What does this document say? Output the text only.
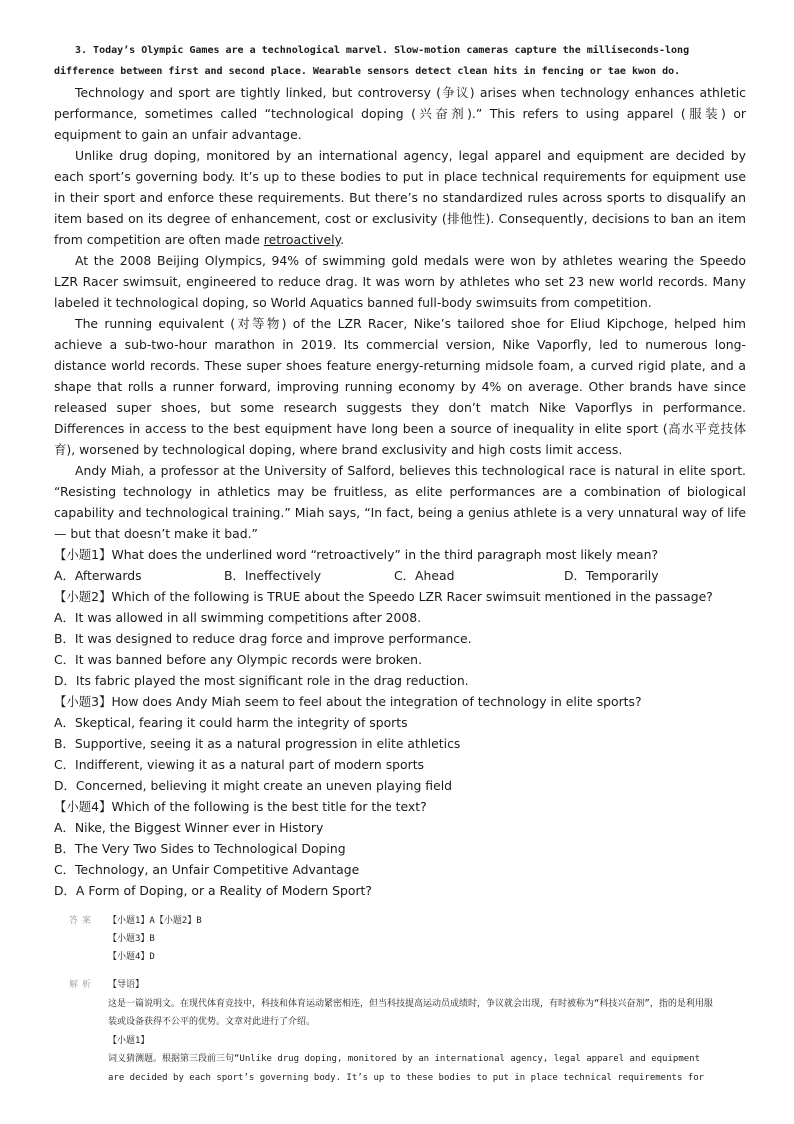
3. Today’s Olympic Games are a technological marvel. Slow-motion cameras capture the milliseconds-long
difference between first and second place. Wearable sensors detect clean hits in fencing or tae kwon do.

Technology and sport are tightly linked, but controversy (争议) arises when technology enhances athletic performance, sometimes called “technological doping (兴奋剂).” This refers to using apparel (服装) or equipment to gain an unfair advantage.

Unlike drug doping, monitored by an international agency, legal apparel and equipment are decided by each sport’s governing body. It’s up to these bodies to put in place technical requirements for equipment use in their sport and enforce these requirements. But there’s no standardized rules across sports to disqualify an item based on its degree of enhancement, cost or exclusivity (排他性). Consequently, decisions to ban an item from competition are often made retroactively.

At the 2008 Beijing Olympics, 94% of swimming gold medals were won by athletes wearing the Speedo LZR Racer swimsuit, engineered to reduce drag. It was worn by athletes who set 23 new world records. Many labeled it technological doping, so World Aquatics banned full-body swimsuits from competition.

The running equivalent (对等物) of the LZR Racer, Nike’s tailored shoe for Eliud Kipchoge, helped him achieve a sub-two-hour marathon in 2019. Its commercial version, Nike Vaporfly, led to numerous long-distance world records. These super shoes feature energy-returning midsole foam, a curved rigid plate, and a shape that rolls a runner forward, improving running economy by 4% on average. Other brands have since released super shoes, but some research suggests they don’t match Nike Vaporflys in performance. Differences in access to the best equipment have long been a source of inequality in elite sport (高水平竞技体育), worsened by technological doping, where brand exclusivity and high costs limit access.

Andy Miah, a professor at the University of Salford, believes this technological race is natural in elite sport. “Resisting technology in athletics may be fruitless, as elite performances are a combination of biological capability and technological training.” Miah says, “In fact, being a genius athlete is a very unnatural way of life — but that doesn’t make it bad.”

【小题1】What does the underlined word “retroactively” in the third paragraph most likely mean?
A．Afterwards	B．Ineffectively	C．Ahead	D．Temporarily
【小题2】Which of the following is TRUE about the Speedo LZR Racer swimsuit mentioned in the passage?
A．It was allowed in all swimming competitions after 2008.
B．It was designed to reduce drag force and improve performance.
C．It was banned before any Olympic records were broken.
D．Its fabric played the most significant role in the drag reduction.
【小题3】How does Andy Miah seem to feel about the integration of technology in elite sports?
A．Skeptical, fearing it could harm the integrity of sports
B．Supportive, seeing it as a natural progression in elite athletics
C．Indifferent, viewing it as a natural part of modern sports
D．Concerned, believing it might create an uneven playing field
【小题4】Which of the following is the best title for the text?
A．Nike, the Biggest Winner ever in History
B．The Very Two Sides to Technological Doping
C．Technology, an Unfair Competitive Advantage
D．A Form of Doping, or a Reality of Modern Sport?
答案	【小题1】A【小题2】B
【小题3】B
【小题4】D
解析	【导语】
这是一篇说明文。在现代体育竞技中，科技和体育运动紧密相连，但当科技提高运动员成绩时，争议就会出现，有时被称为“科技兴奋剂”，指的是利用服装或设备获得不公平的优势。文章对此进行了介绍。
【小题1】
词义猜测题。根据第三段前三句“Unlike drug doping, monitored by an international agency, legal apparel and equipment are decided by each sport’s governing body. It’s up to these bodies to put in place technical requirements for
